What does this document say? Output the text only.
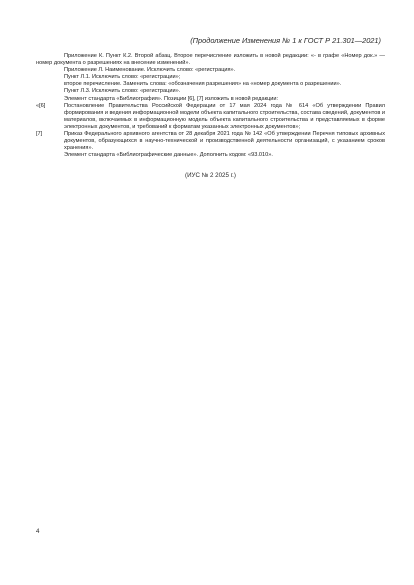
(Продолжение Изменения № 1 к ГОСТ Р 21.301—2021)

Приложение К. Пункт К.2. Второй абзац. Второе перечисление изложить в новой редакции: «- в графе «Номер док.» — номер документа о разрешениях на внесение изменений».

Приложение Л. Наименование. Исключить слово: «регистрация».

Пункт Л.1. Исключить слово: «регистрации»;

второе перечисление. Заменить слова: «обозначения разрешения» на «номер документа о разрешении».

Пункт Л.3. Исключить слово: «регистрации».

Элемент стандарта «Библиография». Позиции [6], [7] изложить в новой редакции:

«[6]	Постановление Правительства Российской Федерации от 17 мая 2024 года № 614 «Об утверждении Правил формирования и ведения информационной модели объекта капитального строительства, состава сведений, документов и материалов, включаемых в информационную модель объекта капитального строительства и представляемых в форме электронных документов, и требований к форматам указанных электронных документов»;
[7]	Приказ Федерального архивного агентства от 28 декабря 2021 года № 142 «Об утверждении Перечня типовых архивных документов, образующихся в научно-технической и производственной деятельности организаций, с указанием сроков хранения».

Элемент стандарта «Библиографические данные». Дополнить кодом: «93.010».

(ИУС № 2 2025 г.)
4
